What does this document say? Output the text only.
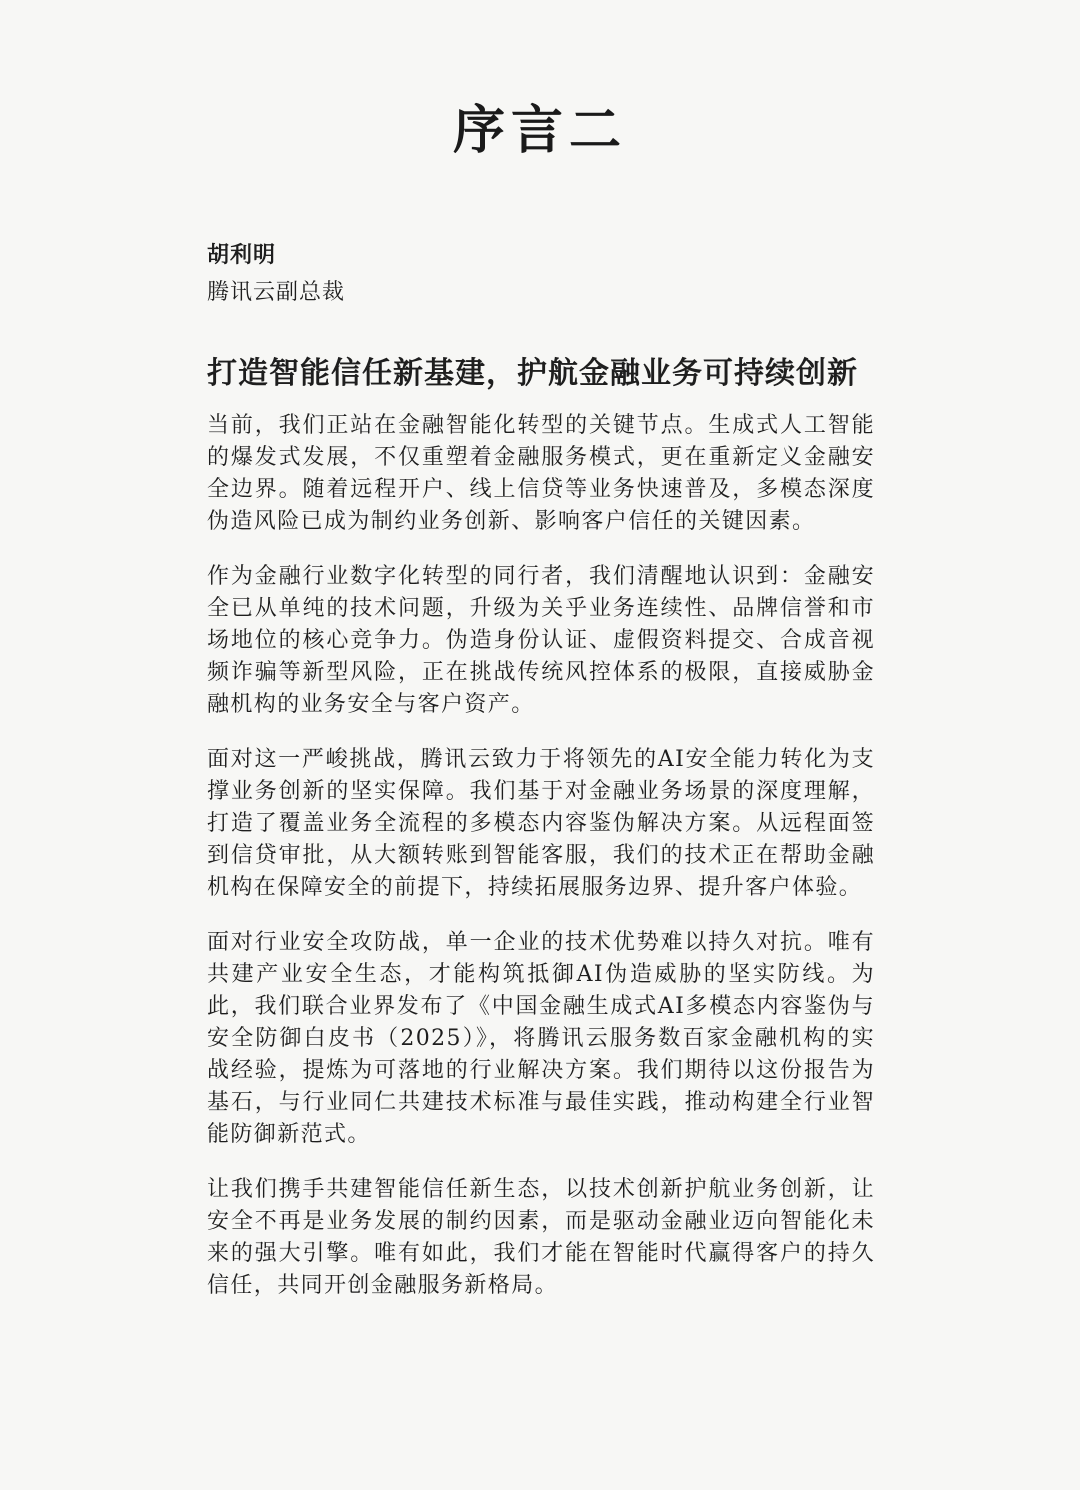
序言二
胡利明
腾讯云副总裁
打造智能信任新基建，护航金融业务可持续创新

当前，我们正站在金融智能化转型的关键节点。生成式人工智能的爆发式发展，不仅重塑着金融服务模式，更在重新定义金融安全边界。随着远程开户、线上信贷等业务快速普及，多模态深度伪造风险已成为制约业务创新、影响客户信任的关键因素。

作为金融行业数字化转型的同行者，我们清醒地认识到：金融安全已从单纯的技术问题，升级为关乎业务连续性、品牌信誉和市场地位的核心竞争力。伪造身份认证、虚假资料提交、合成音视频诈骗等新型风险，正在挑战传统风控体系的极限，直接威胁金融机构的业务安全与客户资产。

面对这一严峻挑战，腾讯云致力于将领先的AI安全能力转化为支撑业务创新的坚实保障。我们基于对金融业务场景的深度理解，打造了覆盖业务全流程的多模态内容鉴伪解决方案。从远程面签到信贷审批，从大额转账到智能客服，我们的技术正在帮助金融机构在保障安全的前提下，持续拓展服务边界、提升客户体验。

面对行业安全攻防战，单一企业的技术优势难以持久对抗。唯有共建产业安全生态，才能构筑抵御AI伪造威胁的坚实防线。为此，我们联合业界发布了《中国金融生成式AI多模态内容鉴伪与安全防御白皮书（2025）》，将腾讯云服务数百家金融机构的实战经验，提炼为可落地的行业解决方案。我们期待以这份报告为基石，与行业同仁共建技术标准与最佳实践，推动构建全行业智能防御新范式。

让我们携手共建智能信任新生态，以技术创新护航业务创新，让安全不再是业务发展的制约因素，而是驱动金融业迈向智能化未来的强大引擎。唯有如此，我们才能在智能时代赢得客户的持久信任，共同开创金融服务新格局。
